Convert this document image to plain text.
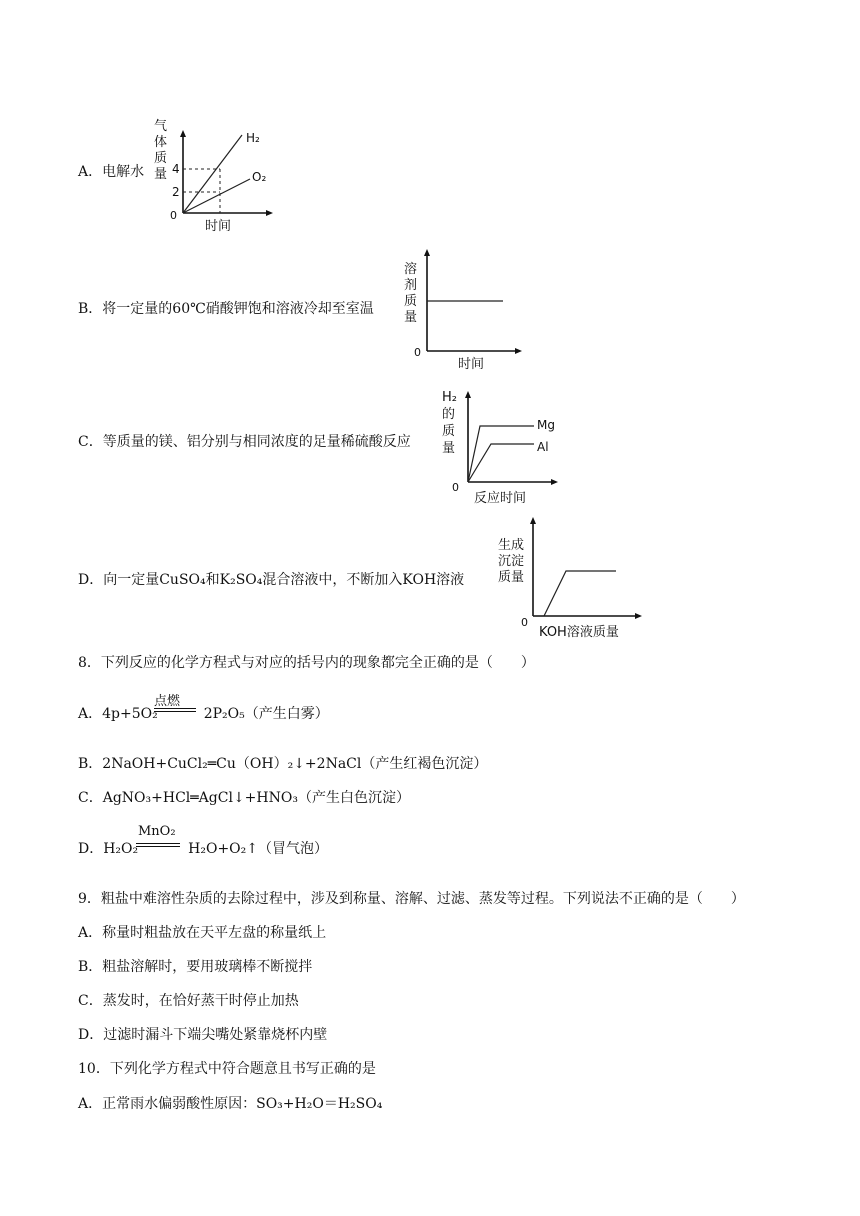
A．电解水
气
体
质
量
0
4
2
H₂
O₂
时间
B．将一定量的60℃硝酸钾饱和溶液冷却至室温
溶
剂
质
量
0
时间
C．等质量的镁、铝分别与相同浓度的足量稀硫酸反应
H₂
的
质
量
0
Mg
Al
反应时间
D．向一定量CuSO₄和K₂SO₄混合溶液中，不断加入KOH溶液
生成
沉淀
质量
0
KOH溶液质量
8．下列反应的化学方程式与对应的括号内的现象都完全正确的是（　　）
A．4p+5O₂	2P₂O₅（产生白雾）
点燃
B．2NaOH+CuCl₂═Cu（OH）₂↓+2NaCl（产生红褐色沉淀）
C．AgNO₃+HCl═AgCl↓+HNO₃（产生白色沉淀）
D．H₂O₂	H₂O+O₂↑（冒气泡）
MnO₂
9．粗盐中难溶性杂质的去除过程中，涉及到称量、溶解、过滤、蒸发等过程。下列说法不正确的是（　　）
A．称量时粗盐放在天平左盘的称量纸上
B．粗盐溶解时，要用玻璃棒不断搅拌
C．蒸发时，在恰好蒸干时停止加热
D．过滤时漏斗下端尖嘴处紧靠烧杯内壁
10．下列化学方程式中符合题意且书写正确的是
A．正常雨水偏弱酸性原因：SO₃+H₂O＝H₂SO₄
